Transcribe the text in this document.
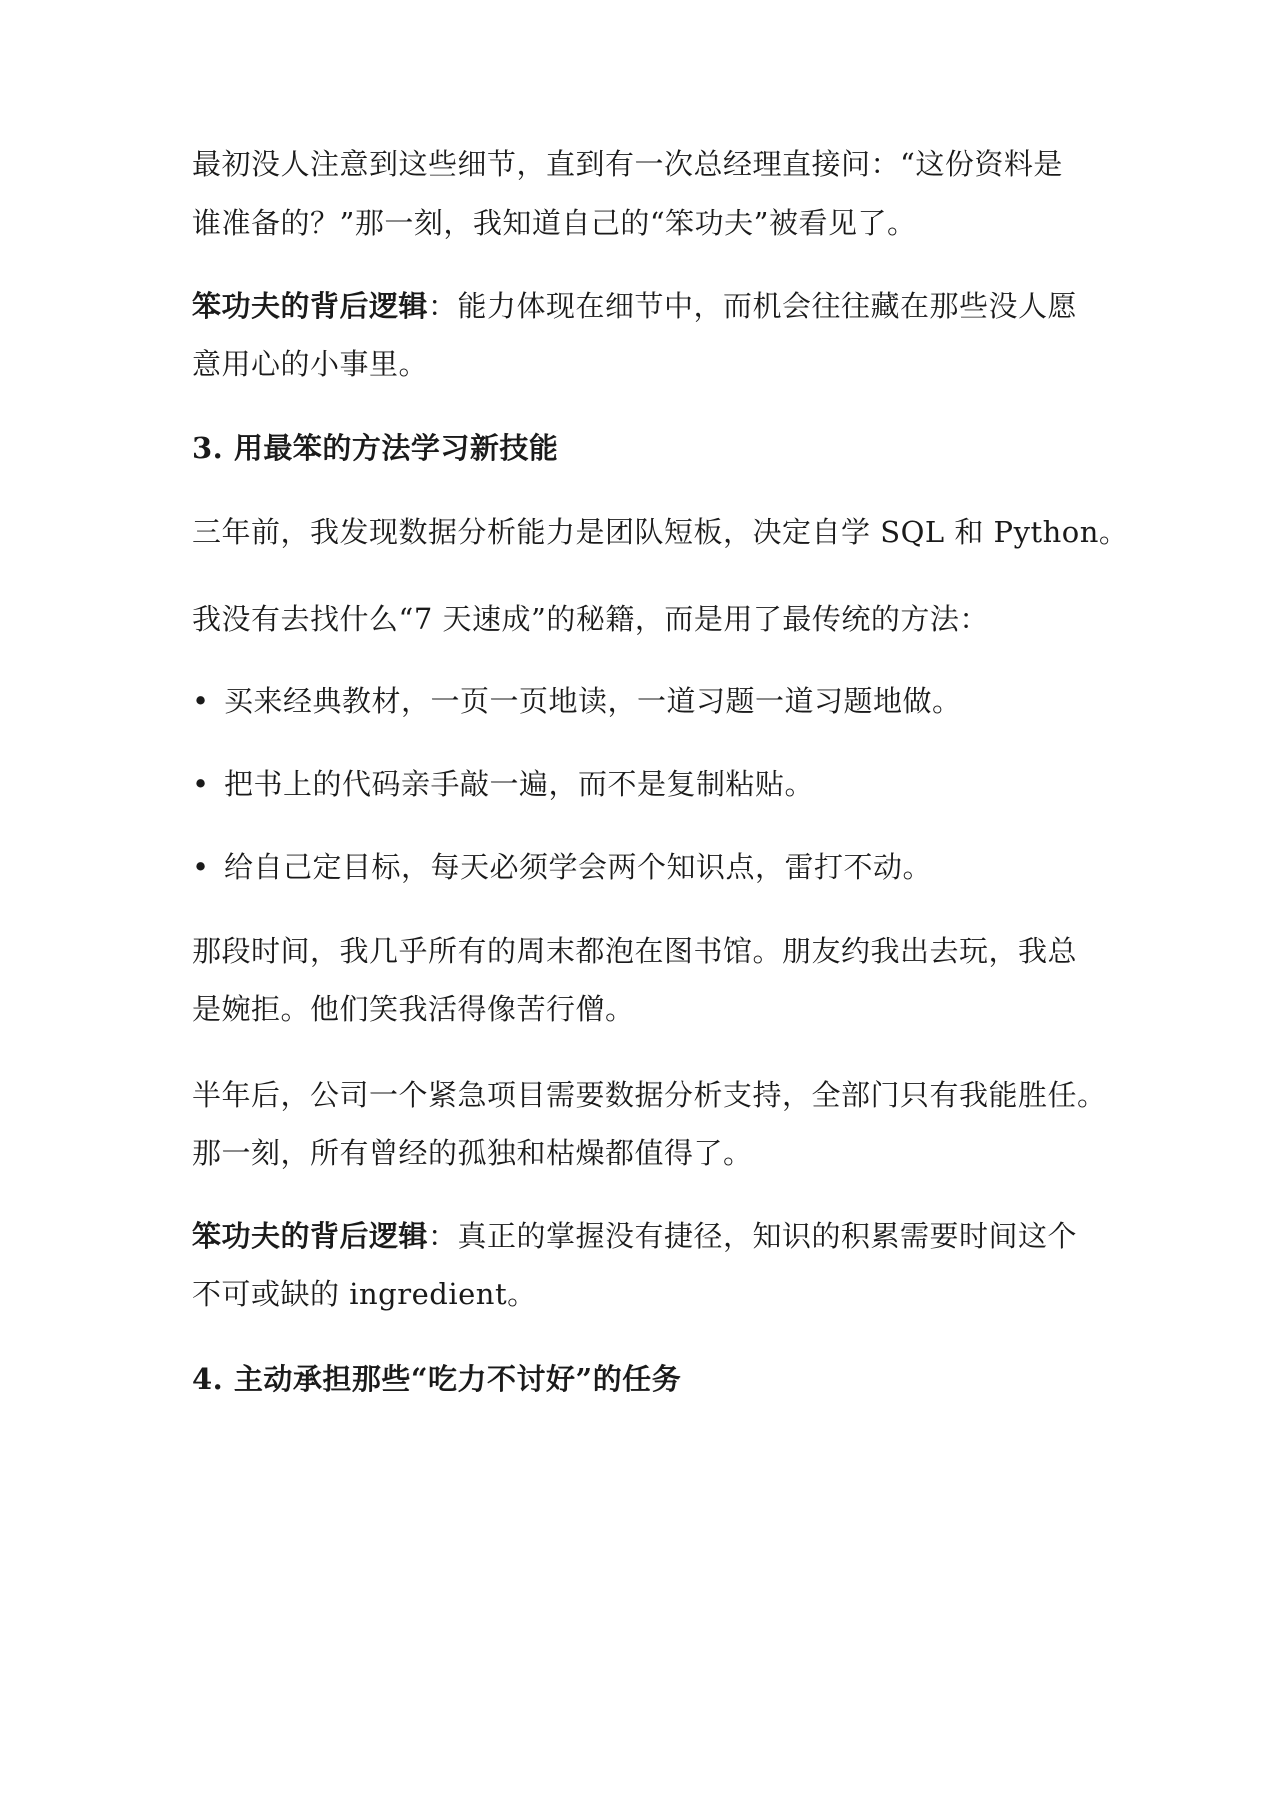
最初没人注意到这些细节，直到有一次总经理直接问：“这份资料是
谁准备的？”那一刻，我知道自己的“笨功夫”被看见了。
笨功夫的背后逻辑：能力体现在细节中，而机会往往藏在那些没人愿
意用心的小事里。
3. 用最笨的方法学习新技能
三年前，我发现数据分析能力是团队短板，决定自学 SQL 和 Python。
我没有去找什么“7 天速成”的秘籍，而是用了最传统的方法：
• 买来经典教材，一页一页地读，一道习题一道习题地做。
• 把书上的代码亲手敲一遍，而不是复制粘贴。
• 给自己定目标，每天必须学会两个知识点，雷打不动。
那段时间，我几乎所有的周末都泡在图书馆。朋友约我出去玩，我总
是婉拒。他们笑我活得像苦行僧。
半年后，公司一个紧急项目需要数据分析支持，全部门只有我能胜任。
那一刻，所有曾经的孤独和枯燥都值得了。
笨功夫的背后逻辑：真正的掌握没有捷径，知识的积累需要时间这个
不可或缺的 ingredient。
4. 主动承担那些“吃力不讨好”的任务
